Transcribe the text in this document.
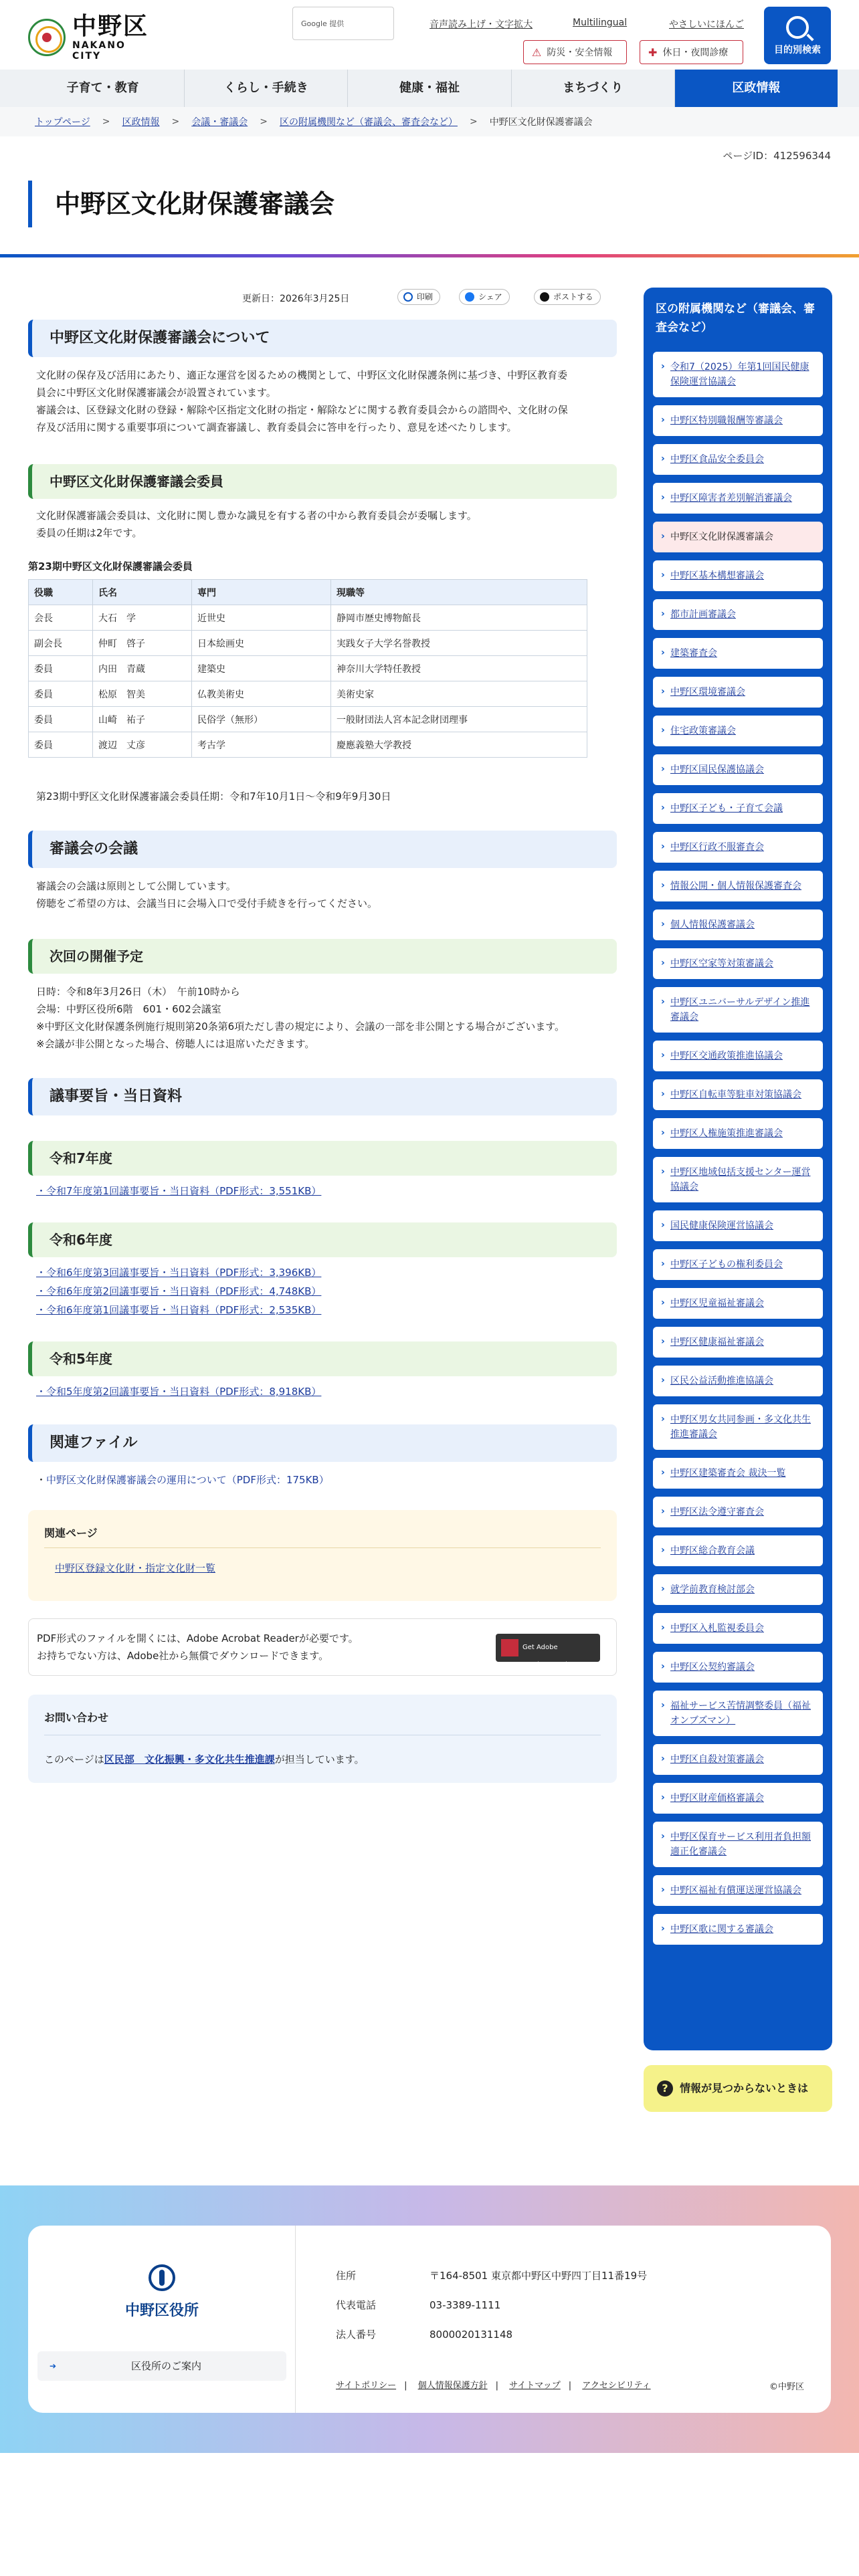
中野区
NAKANO CITY
Google 提供	音声読み上げ・文字拡大	Multilingual	やさしいにほんご
⚠ 防災・安全情報	✚ 休日・夜間診療	目的別検索
子育て・教育	くらし・手続き	健康・福祉	まちづくり	区政情報
トップページ > 区政情報 > 会議・審議会 > 区の附属機関など（審議会、審査会など） > 中野区文化財保護審議会
ページID：412596344
中野区文化財保護審議会
更新日：2026年3月25日	印刷	シェア	ポストする
中野区文化財保護審議会について
文化財の保存及び活用にあたり、適正な運営を図るための機関として、中野区文化財保護条例に基づき、中野区教育委
員会に中野区文化財保護審議会が設置されています。
審議会は、区登録文化財の登録・解除や区指定文化財の指定・解除などに関する教育委員会からの諮問や、文化財の保
存及び活用に関する重要事項について調査審議し、教育委員会に答申を行ったり、意見を述べたりします。
中野区文化財保護審議会委員
文化財保護審議会委員は、文化財に関し豊かな識見を有する者の中から教育委員会が委嘱します。
委員の任期は2年です。
第23期中野区文化財保護審議会委員
役職	氏名	専門	現職等
会長	大石　学	近世史	静岡市歴史博物館長
副会長	仲町　啓子	日本絵画史	実践女子大学名誉教授
委員	内田　青蔵	建築史	神奈川大学特任教授
委員	松原　智美	仏教美術史	美術史家
委員	山崎　祐子	民俗学（無形）	一般財団法人宮本記念財団理事
委員	渡辺　丈彦	考古学	慶應義塾大学教授
第23期中野区文化財保護審議会委員任期：令和7年10月1日～令和9年9月30日
審議会の会議
審議会の会議は原則として公開しています。
傍聴をご希望の方は、会議当日に会場入口で受付手続きを行ってください。
次回の開催予定
日時：令和8年3月26日（木）　午前10時から
会場：中野区役所6階　601・602会議室
※中野区文化財保護条例施行規則第20条第6項ただし書の規定により、会議の一部を非公開とする場合がございます。
※会議が非公開となった場合、傍聴人には退席いただきます。
議事要旨・当日資料
令和7年度
・令和7年度第1回議事要旨・当日資料（PDF形式：3,551KB）
令和6年度
・令和6年度第3回議事要旨・当日資料（PDF形式：3,396KB）
・令和6年度第2回議事要旨・当日資料（PDF形式：4,748KB）
・令和6年度第1回議事要旨・当日資料（PDF形式：2,535KB）
令和5年度
・令和5年度第2回議事要旨・当日資料（PDF形式：8,918KB）
関連ファイル
・中野区文化財保護審議会の運用について（PDF形式：175KB）
関連ページ
中野区登録文化財・指定文化財一覧
PDF形式のファイルを開くには、Adobe Acrobat Readerが必要です。
お持ちでない方は、Adobe社から無償でダウンロードできます。
Get Adobe
Acrobat Reader
お問い合わせ
このページは区民部　文化振興・多文化共生推進課が担当しています。
区の附属機関など（審議会、審査会など）
› 令和7（2025）年第1回国民健康保険運営協議会
› 中野区特別職報酬等審議会
› 中野区食品安全委員会
› 中野区障害者差別解消審議会
› 中野区文化財保護審議会
› 中野区基本構想審議会
› 都市計画審議会
› 建築審査会
› 中野区環境審議会
› 住宅政策審議会
› 中野区国民保護協議会
› 中野区子ども・子育て会議
› 中野区行政不服審査会
› 情報公開・個人情報保護審査会
› 個人情報保護審議会
› 中野区空家等対策審議会
› 中野区ユニバーサルデザイン推進審議会
› 中野区交通政策推進協議会
› 中野区自転車等駐車対策協議会
› 中野区人権施策推進審議会
› 中野区地域包括支援センター運営協議会
› 国民健康保険運営協議会
› 中野区子どもの権利委員会
› 中野区児童福祉審議会
› 中野区健康福祉審議会
› 区民公益活動推進協議会
› 中野区男女共同参画・多文化共生推進審議会
› 中野区建築審査会 裁決一覧
› 中野区法令遵守審査会
› 中野区総合教育会議
› 就学前教育検討部会
› 中野区入札監視委員会
› 中野区公契約審議会
› 福祉サービス苦情調整委員（福祉オンブズマン）
› 中野区自殺対策審議会
› 中野区財産価格審議会
› 中野区保育サービス利用者負担額適正化審議会
› 中野区福祉有償運送運営協議会
› 中野区歌に関する審議会
?	情報が見つからないときは
中野区役所
➔ 区役所のご案内
住所	〒164-8501 東京都中野区中野四丁目11番19号
代表電話	03-3389-1111
法人番号	8000020131148
サイトポリシー | 個人情報保護方針 | サイトマップ | アクセシビリティ	©中野区
